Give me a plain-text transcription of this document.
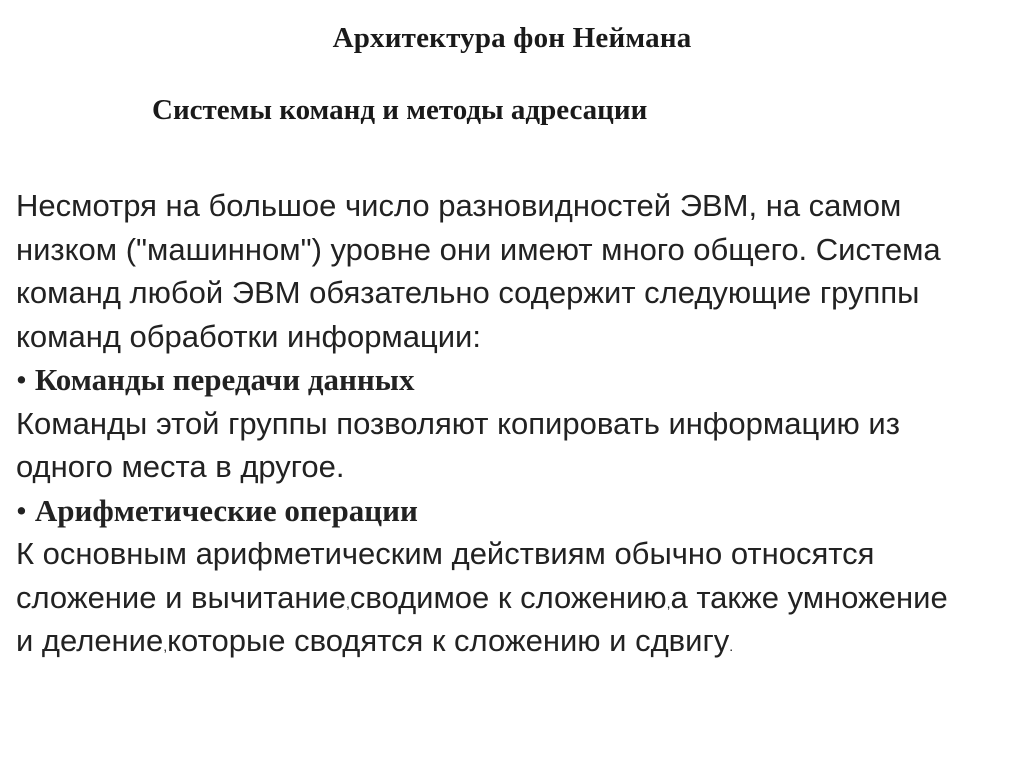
Архитектура фон Неймана
Системы команд и методы адресации
Несмотря на большое число разновидностей ЭВМ, на самом
низком ("машинном") уровне они имеют много общего. Система
команд любой ЭВМ обязательно содержит следующие группы
команд обработки информации:
• Команды передачи данных
Команды этой группы позволяют копировать информацию из
одного места в другое.
• Арифметические операции
К основным арифметическим действиям обычно относятся
сложение и вычитание,сводимое к сложению,а также умножение
и деление,которые сводятся к сложению и сдвигу.
